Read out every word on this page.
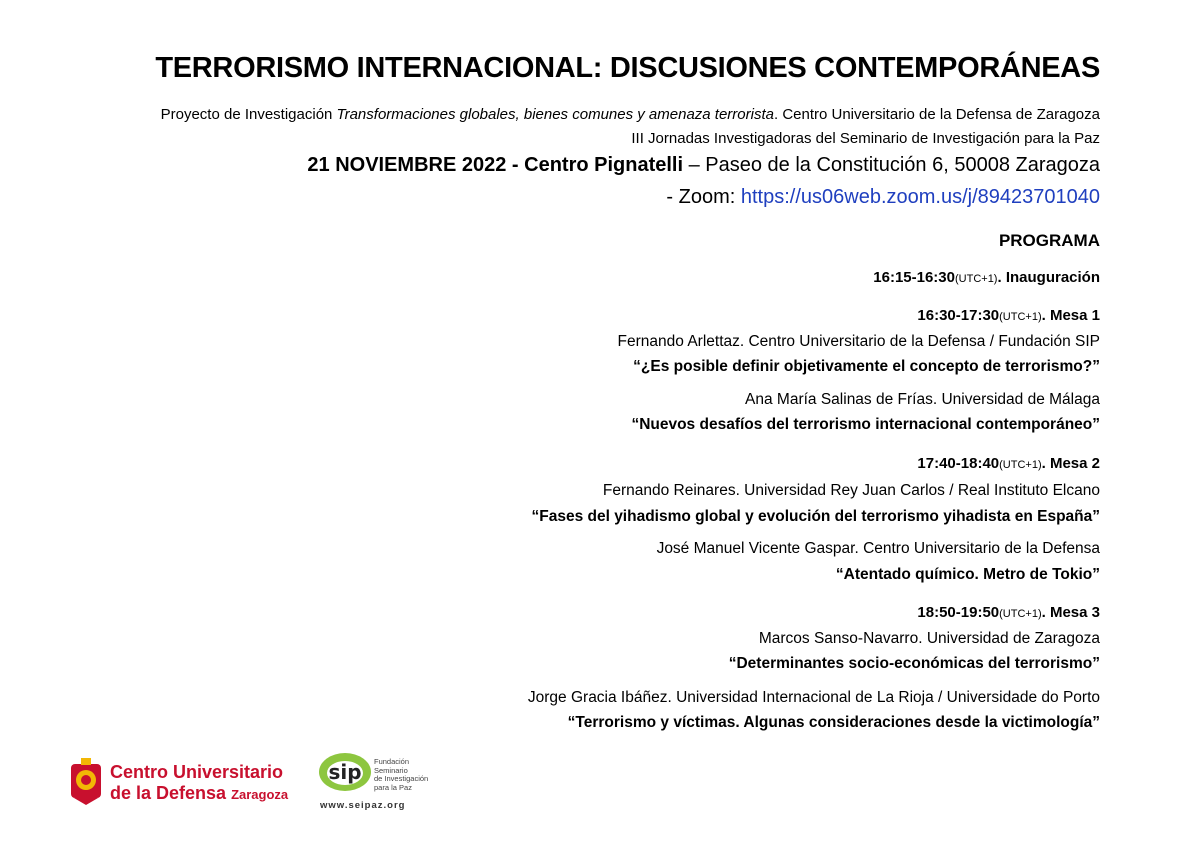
TERRORISMO INTERNACIONAL: DISCUSIONES CONTEMPORÁNEAS
Proyecto de Investigación Transformaciones globales, bienes comunes y amenaza terrorista. Centro Universitario de la Defensa de Zaragoza
III Jornadas Investigadoras del Seminario de Investigación para la Paz
21 NOVIEMBRE 2022 - Centro Pignatelli – Paseo de la Constitución 6, 50008 Zaragoza
- Zoom: https://us06web.zoom.us/j/89423701040
PROGRAMA
16:15-16:30(UTC+1). Inauguración
16:30-17:30(UTC+1). Mesa 1
Fernando Arlettaz. Centro Universitario de la Defensa / Fundación SIP
“¿Es posible definir objetivamente el concepto de terrorismo?”
Ana María Salinas de Frías. Universidad de Málaga
“Nuevos desafíos del terrorismo internacional contemporáneo”
17:40-18:40(UTC+1). Mesa 2
Fernando Reinares. Universidad Rey Juan Carlos / Real Instituto Elcano
“Fases del yihadismo global y evolución del terrorismo yihadista en España”
José Manuel Vicente Gaspar. Centro Universitario de la Defensa
“Atentado químico. Metro de Tokio”
18:50-19:50(UTC+1). Mesa 3
Marcos Sanso-Navarro. Universidad de Zaragoza
“Determinantes socio-económicas del terrorismo”
Jorge Gracia Ibáñez. Universidad Internacional de La Rioja / Universidade do Porto
“Terrorismo y víctimas. Algunas consideraciones desde la victimología”
Centro Universitario
de la Defensa Zaragoza
sip Fundación
Seminario
de Investigación
para la Paz
www.seipaz.org
